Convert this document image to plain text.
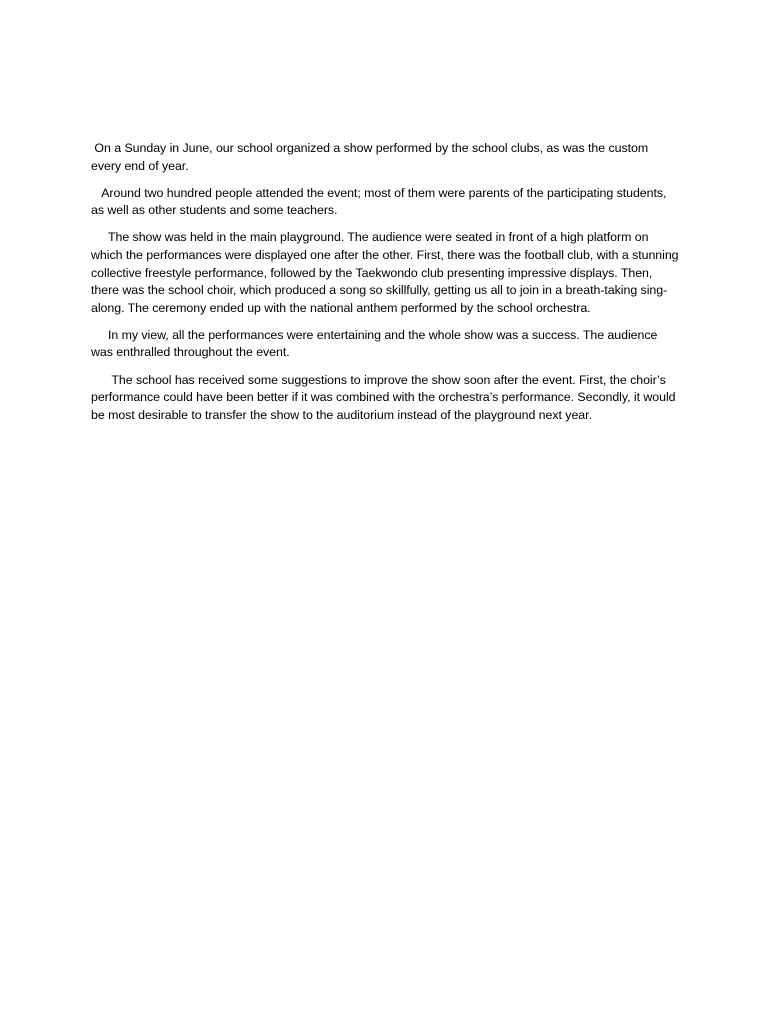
On a Sunday in June, our school organized a show performed by the school clubs, as was the custom every end of year.

Around two hundred people attended the event; most of them were parents of the participating students, as well as other students and some teachers.

The show was held in the main playground. The audience were seated in front of a high platform on which the performances were displayed one after the other. First, there was the football club, with a stunning collective freestyle performance, followed by the Taekwondo club presenting impressive displays. Then, there was the school choir, which produced a song so skillfully, getting us all to join in a breath-taking sing-along. The ceremony ended up with the national anthem performed by the school orchestra.

In my view, all the performances were entertaining and the whole show was a success. The audience was enthralled throughout the event.

The school has received some suggestions to improve the show soon after the event. First, the choir’s performance could have been better if it was combined with the orchestra’s performance. Secondly, it would be most desirable to transfer the show to the auditorium instead of the playground next year.
